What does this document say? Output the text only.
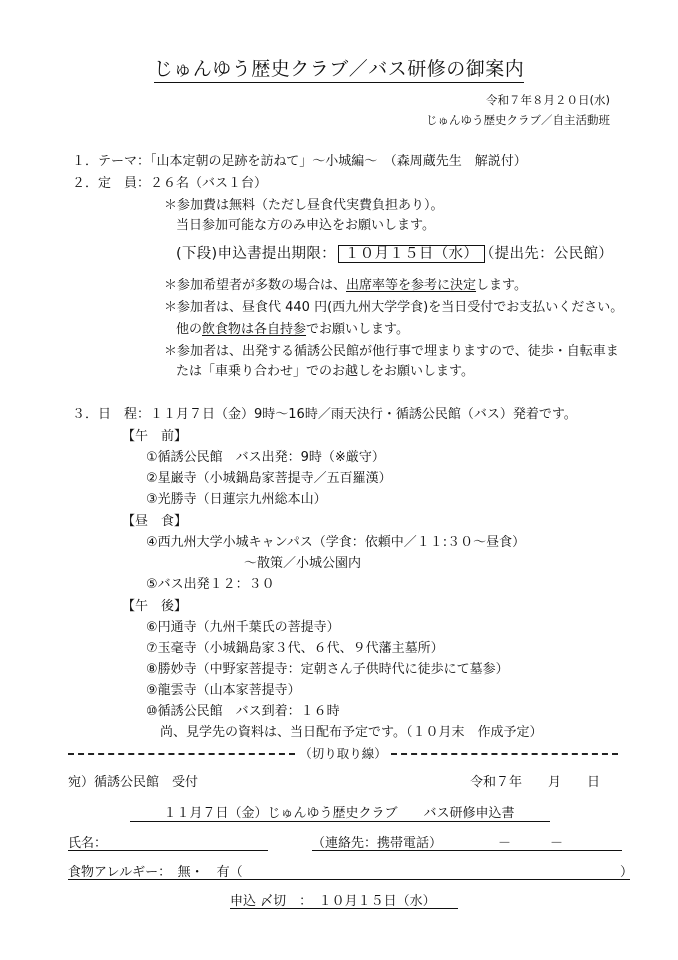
じゅんゆう歴史クラブ／バス研修の御案内
令和７年８月２０日(水)
じゅんゆう歴史クラブ／自主活動班
１．テーマ：「山本定朝の足跡を訪ねて」～小城編～　（森周蔵先生　解説付）
２．定　員：２６名（バス１台）
＊参加費は無料（ただし昼食代実費負担あり）。
当日参加可能な方のみ申込をお願いします。
(下段)申込書提出期限： １０月１５日（水） （提出先：公民館）
＊参加希望者が多数の場合は、出席率等を参考に決定します。
＊参加者は、昼食代 440 円(西九州大学学食)を当日受付でお支払いください。
他の飲食物は各自持参でお願いします。
＊参加者は、出発する循誘公民館が他行事で埋まりますので、徒歩・自転車ま
たは「車乗り合わせ」でのお越しをお願いします。
３．日　程：１１月７日（金）9時～16時／雨天決行・循誘公民館（バス）発着です。
【午　前】
①循誘公民館　バス出発：9時（※厳守）
②星巌寺（小城鍋島家菩提寺／五百羅漢）
③光勝寺（日蓮宗九州総本山）
【昼　食】
④西九州大学小城キャンパス（学食：依頼中／１１:３０～昼食）
～散策／小城公園内
⑤バス出発１２：３０
【午　後】
⑥円通寺（九州千葉氏の菩提寺）
⑦玉毫寺（小城鍋島家３代、６代、９代藩主墓所）
⑧勝妙寺（中野家菩提寺：定朝さん子供時代に徒歩にて墓参）
⑨龍雲寺（山本家菩提寺）
⑩循誘公民館　バス到着：１６時
尚、見学先の資料は、当日配布予定です。（１０月末　作成予定）
（切り取り線）
宛）循誘公民館　受付	令和７年　　月　　日
１１月７日（金）じゅんゆう歴史クラブ　　バス研修申込書
氏名：	（連絡先：携帯電話）	－　　　－
食物アレルギー：　無・　有（	）
申込 〆切　：　１０月１５日（水）
